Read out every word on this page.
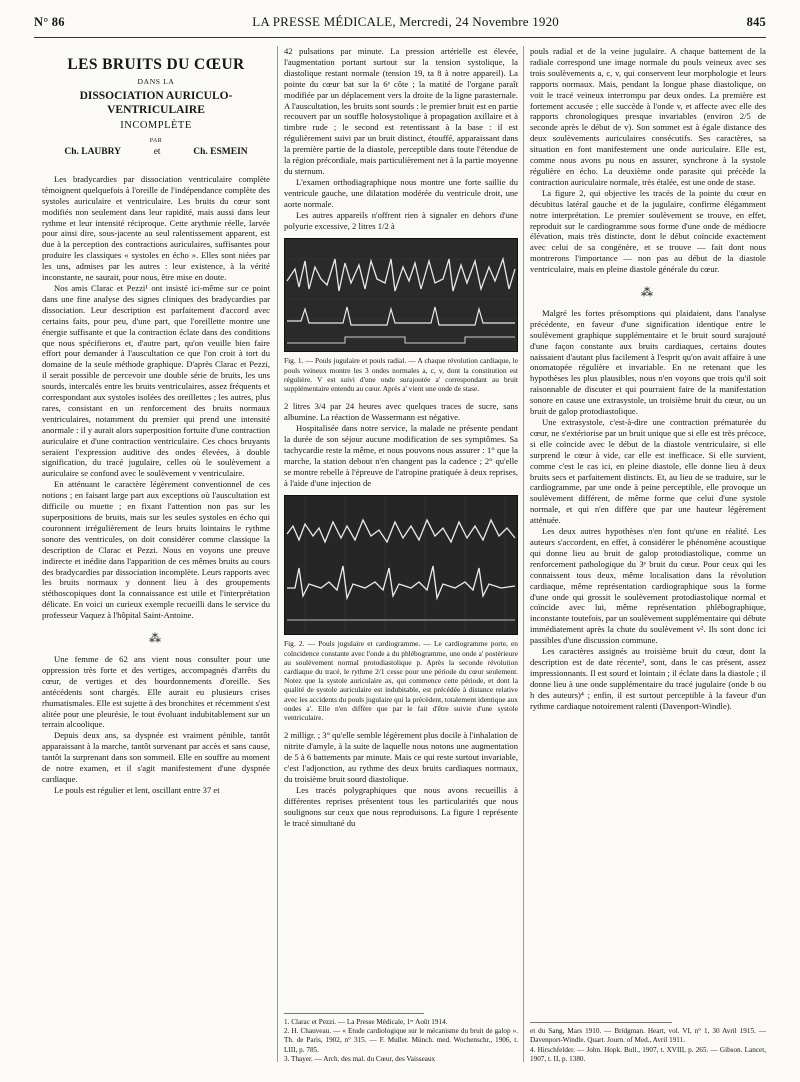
N° 86	LA PRESSE MÉDICALE, Mercredi, 24 Novembre 1920	845
LES BRUITS DU CŒUR
DANS LA
DISSOCIATION AURICULO-VENTRICULAIRE
INCOMPLÈTE
PAR
Ch. LAUBRY	et	Ch. ESMEIN

Les bradycardies par dissociation ventriculaire complète témoignent quelquefois à l'oreille de l'indépendance complète des systoles auriculaire et ventriculaire. Les bruits du cœur sont modifiés non seulement dans leur rapidité, mais aussi dans leur rythme et leur intensité réciproque. Cette arythmie réelle, larvée pour ainsi dire, sous-jacente au seul ralentissement apparent, est due à la perception des contractions auriculaires, suffisantes pour produire les classiques « systoles en écho ». Elles sont niées par les uns, admises par les autres : leur existence, à la vérité inconstante, ne saurait, pour nous, être mise en doute.

Nos amis Clarac et Pezzi¹ ont insisté ici-même sur ce point dans une fine analyse des signes cliniques des bradycardies par dissociation. Leur description est parfaitement d'accord avec certains faits, pour peu, d'une part, que l'oreillette montre une énergie suffisante et que la contraction éclate dans des conditions que nous spécifierons et, d'autre part, qu'on veuille bien faire effort pour demander à l'auscultation ce que l'on croit à tort du domaine de la seule méthode graphique. D'après Clarac et Pezzi, il serait possible de percevoir une double série de bruits, les uns sourds, intercalés entre les bruits ventriculaires, assez fréquents et correspondant aux systoles isolées des oreillettes ; les autres, plus rares, consistant en un renforcement des bruits normaux ventriculaires, notamment du premier qui prend une intensité anormale : il y aurait alors superposition fortuite d'une contraction auriculaire et d'une contraction ventriculaire. Ces chocs bruyants seraient l'expression auditive des ondes élevées, à double signification, du tracé jugulaire, celles où le soulèvement a auriculaire se confond avec le soulèvement v ventriculaire.

En atténuant le caractère légèrement conventionnel de ces notions ; en faisant large part aux exceptions où l'auscultation est difficile ou muette ; en fixant l'attention non pas sur les superpositions de bruits, mais sur les seules systoles en écho qui couronnent irrégulièrement de leurs bruits lointains le rythme sonore des ventricules, on doit considérer comme classique la description de Clarac et Pezzi. Nous en voyons une preuve indirecte et inédite dans l'apparition de ces mêmes bruits au cours des bradycardies par dissociation incomplète. Leurs rapports avec les bruits normaux y donnent lieu à des groupements stéthoscopiques dont la connaissance est utile et l'interprétation délicate. En voici un curieux exemple recueilli dans le service du professeur Vaquez à l'hôpital Saint-Antoine.

⁂

Une femme de 62 ans vient nous consulter pour une oppression très forte et des vertiges, accompagnés d'arrêts du cœur, de vertiges et des bourdonnements d'oreille. Ses antécédents sont chargés. Elle aurait eu plusieurs crises rhumatismales. Elle est sujette à des bronchites et récemment s'est alitée pour une pleurésie, le tout évoluant indubitablement sur un terrain alcoolique.

Depuis deux ans, sa dyspnée est vraiment pénible, tantôt apparaissant à la marche, tantôt survenant par accès et sans cause, tantôt la surprenant dans son sommeil. Elle en souffre au moment de notre examen, et il s'agit manifestement d'une dyspnée cardiaque.

Le pouls est régulier et lent, oscillant entre 37 et

42 pulsations par minute. La pression artérielle est élevée, l'augmentation portant surtout sur la tension systolique, la diastolique restant normale (tension 19, ta 8 à notre appareil). La pointe du cœur bat sur la 6ᵉ côte ; la matité de l'organe paraît modifiée par un déplacement vers la droite de la ligne parasternale. A l'auscultation, les bruits sont sourds : le premier bruit est en partie recouvert par un souffle holosystolique à propagation axillaire et à timbre rude ; le second est retentissant à la base : il est régulièrement suivi par un bruit distinct, étouffé, apparaissant dans la première partie de la diastole, perceptible dans toute l'étendue de la région précordiale, mais particulièrement net à la partie moyenne du sternum.

L'examen orthodiagraphique nous montre une forte saillie du ventricule gauche, une dilatation modérée du ventricule droit, une aorte normale.

Les autres appareils n'offrent rien à signaler en dehors d'une polyurie excessive, 2 litres 1/2 à

Fig. 1. — Pouls jugulaire et pouls radial. — A chaque révolution cardiaque, le pouls veineux montre les 3 ondes normales a, c, v, dont la constitution est régulière. V est suivi d'une onde surajoutée a' correspondant au bruit supplémentaire entendu au cœur. Après a' vient une onde de stase.

2 litres 3/4 par 24 heures avec quelques traces de sucre, sans albumine. La réaction de Wassermann est négative.

Hospitalisée dans notre service, la malade ne présente pendant la durée de son séjour aucune modification de ses symptômes. Sa tachycardie reste la même, et nous pouvons nous assurer : 1° que la marche, la station debout n'en changent pas la cadence ; 2° qu'elle se montre rebelle à l'épreuve de l'atropine pratiquée à deux reprises, à l'aide d'une injection de

Fig. 2. — Pouls jugulaire et cardiogramme. — Le cardiogramme porte, en coïncidence constante avec l'onde a du phlébogramme, une onde a' postérieure au soulèvement normal protodiastolique p. Après la seconde révolution cardiaque du tracé, le rythme 2/1 cesse pour une période du cœur seulement. Notez que la systole auriculaire ax, qui commence cette période, et dont la qualité de systole auriculaire est indubitable, est précédée à distance relative avec les accidents du pouls jugulaire qui la précèdent, totalement identique aux ondes a'. Elle n'en diffère que par le fait d'être suivie d'une systole ventriculaire.

2 milligr. ; 3° qu'elle semble légèrement plus docile à l'inhalation de nitrite d'amyle, à la suite de laquelle nous notons une augmentation de 5 à 6 battements par minute. Mais ce qui reste surtout invariable, c'est l'adjonction, au rythme des deux bruits cardiaques normaux, du troisième bruit sourd diastolique.

Les tracés polygraphiques que nous avons recueillis à différentes reprises présentent tous les particularités que nous soulignons sur ceux que nous reproduisons. La figure I représente le tracé simultané du

pouls radial et de la veine jugulaire. A chaque battement de la radiale correspond une image normale du pouls veineux avec ses trois soulèvements a, c, v, qui conservent leur morphologie et leurs rapports normaux. Mais, pendant la longue phase diastolique, on voit le tracé veineux interrompu par deux ondes. La première est fortement accusée ; elle succède à l'onde v, et affecte avec elle des rapports chronologiques presque invariables (environ 2/5 de seconde après le début de v). Son sommet est à égale distance des deux soulèvements auriculaires consécutifs. Ses caractères, sa situation en font manifestement une onde auriculaire. Elle est, comme nous avons pu nous en assurer, synchrone à la systole régulière en écho. La deuxième onde parasite qui précède la contraction auriculaire normale, très étalée, est une onde de stase.

La figure 2, qui objective les tracés de la pointe du cœur en décubitus latéral gauche et de la jugulaire, confirme élégamment notre interprétation. Le premier soulèvement se trouve, en effet, reproduit sur le cardiogramme sous forme d'une onde de médiocre élévation, mais très distincte, dont le début coïncide exactement avec celui de sa congénère, et se trouve — fait dont nous montrerons l'importance — non pas au début de la diastole ventriculaire, mais en pleine diastole générale du cœur.

⁂

Malgré les fortes présomptions qui plaidaient, dans l'analyse précédente, en faveur d'une signification identique entre le soulèvement graphique supplémentaire et le bruit sourd surajouté d'une façon constante aux bruits cardiaques, certains doutes naissaient d'autant plus facilement à l'esprit qu'on avait affaire à une onomatopée régulière et invariable. En ne retenant que les hypothèses les plus plausibles, nous n'en voyons que trois qu'il soit raisonnable de discuter et qui pourraient faire de la manifestation sonore en cause une extrasystole, un troisième bruit du cœur, ou un bruit de galop protodiastolique.

Une extrasystole, c'est-à-dire une contraction prématurée du cœur, ne s'extériorise par un bruit unique que si elle est très précoce, si elle coïncide avec le début de la diastole ventriculaire, si elle surprend le cœur à vide, car elle est inefficace. Si elle survient, comme c'est le cas ici, en pleine diastole, elle donne lieu à deux bruits secs et parfaitement distincts. Et, au lieu de se traduire, sur le cardiogramme, par une onde à peine perceptible, elle provoque un soulèvement différent, de même forme que celui d'une systole normale, et qui n'en diffère que par une hauteur légèrement atténuée.

Les deux autres hypothèses n'en font qu'une en réalité. Les auteurs s'accordent, en effet, à considérer le phénomène acoustique qui donne lieu au bruit de galop protodiastolique, comme un renforcement pathologique du 3ᵉ bruit du cœur. Pour ceux qui les connaissent tous deux, même localisation dans la révolution cardiaque, même représentation cardiographique sous la forme d'une onde qui grossit le soulèvement protodiastolique normal et coïncide avec lui, même représentation phlébographique, inconstante toutefois, par un soulèvement supplémentaire qui débute immédiatement après la chute du soulèvement v². Ils sont donc ici passibles d'une discussion commune.

Les caractères assignés au troisième bruit du cœur, dont la description est de date récente³, sont, dans le cas présent, assez impressionnants. Il est sourd et lointain ; il éclate dans la diastole ; il donne lieu à une onde supplémentaire du tracé jugulaire (onde b ou h des auteurs)⁴ ; enfin, il est surtout perceptible à la faveur d'un rythme cardiaque notoirement ralenti (Davenport-Windle).

1. Clarac et Pezzi. — La Presse Médicale, 1ᵉʳ Août 1914.

2. H. Chauveau. — « Etude cardiologique sur le mécanisme du bruit de galop ». Th. de Paris, 1902, n° 315. — F. Muller. Münch. med. Wochenschr., 1906, t. LIII, p. 785.

3. Thayer. — Arch. des mal. du Cœur, des Vaisseaux

et du Sang, Mars 1910. — Bridgman. Heart, vol. VI, n° 1, 30 Avril 1915. — Davenport-Windle. Quart. Journ. of Med., Avril 1911.

4. Hirschfelder. — John. Hopk. Bull., 1907, t. XVIII, p. 265. — Gibson. Lancet, 1907, t. II, p. 1380.
